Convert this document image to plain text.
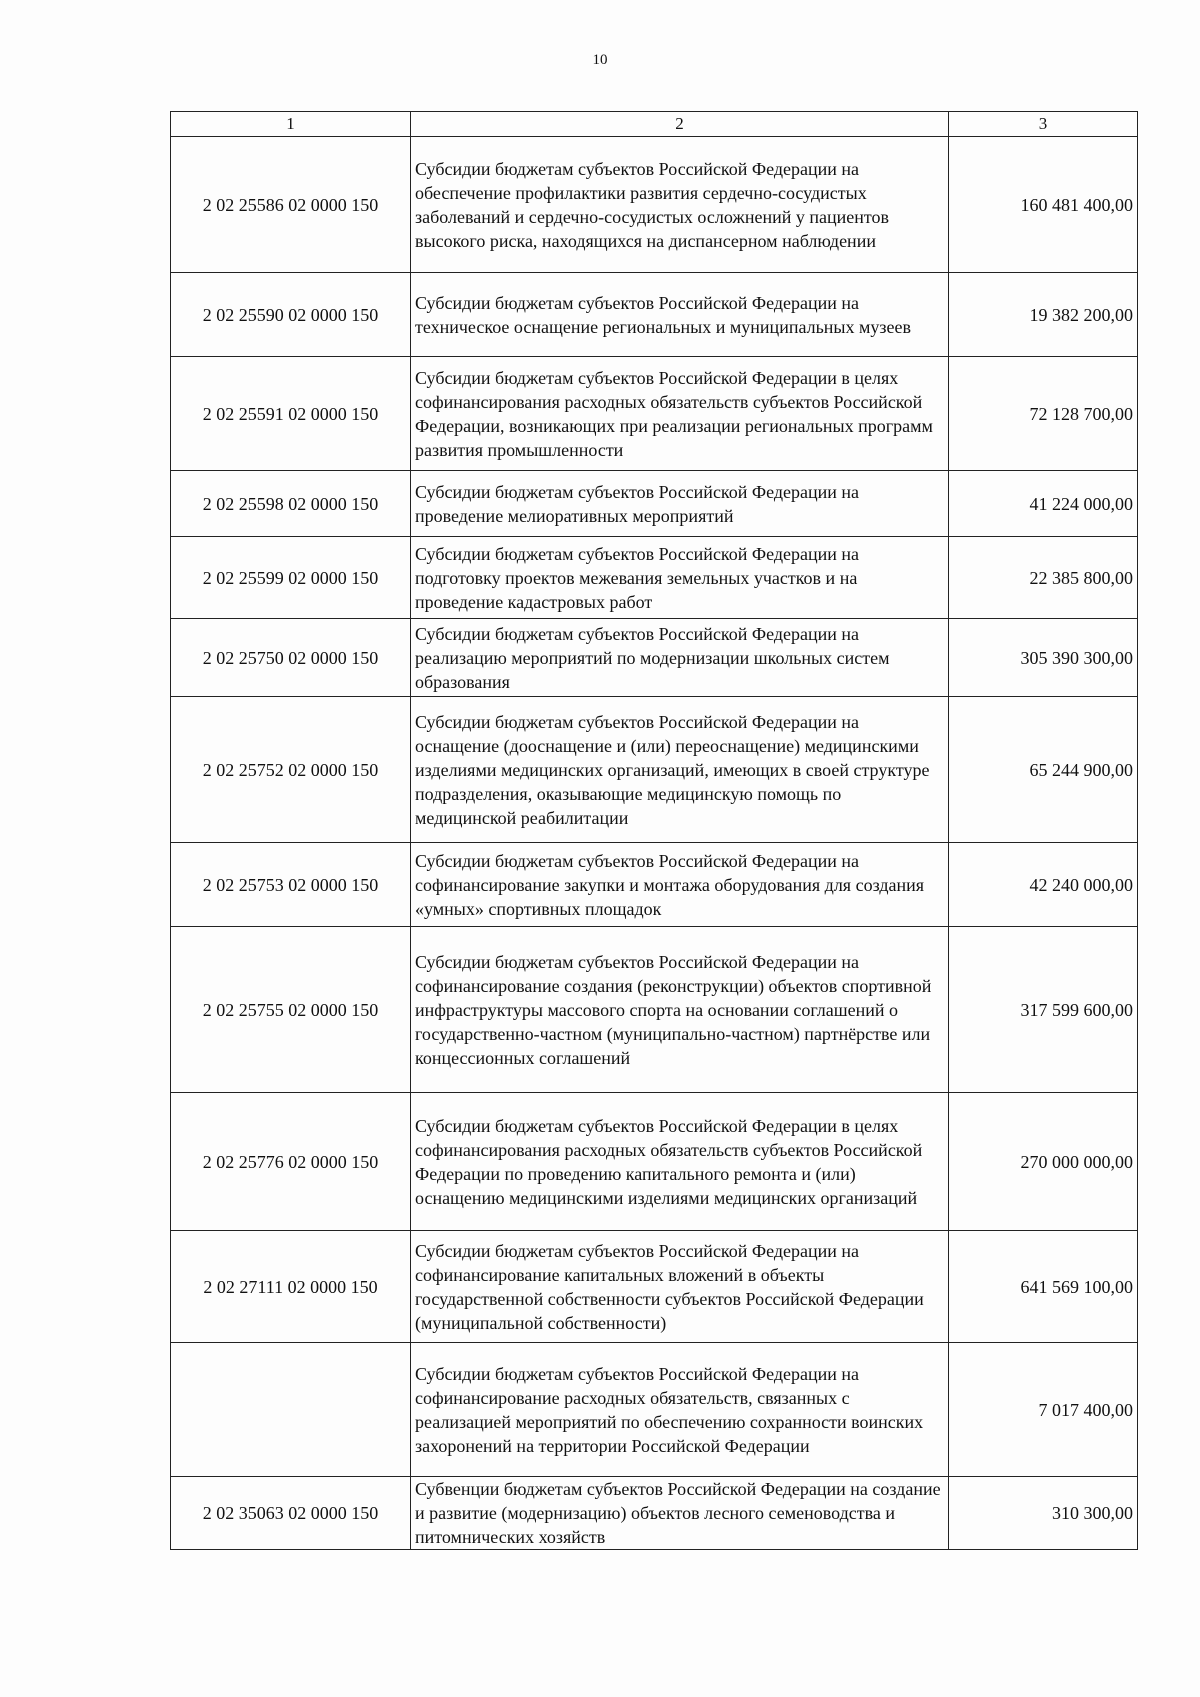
10
1	2	3
2 02 25586 02 0000 150	Субсидии бюджетам субъектов Российской Федерации на обеспечение профилактики развития сердечно-сосудистых заболеваний и сердечно-сосудистых осложнений у пациентов высокого риска, находящихся на диспансерном наблюдении	160 481 400,00
2 02 25590 02 0000 150	Субсидии бюджетам субъектов Российской Федерации на техническое оснащение региональных и муниципальных музеев	19 382 200,00
2 02 25591 02 0000 150	Субсидии бюджетам субъектов Российской Федерации в целях софинансирования расходных обязательств субъектов Российской Федерации, возникающих при реализации региональных программ развития промышленности	72 128 700,00
2 02 25598 02 0000 150	Субсидии бюджетам субъектов Российской Федерации на проведение мелиоративных мероприятий	41 224 000,00
2 02 25599 02 0000 150	Субсидии бюджетам субъектов Российской Федерации на подготовку проектов межевания земельных участков и на проведение кадастровых работ	22 385 800,00
2 02 25750 02 0000 150	Субсидии бюджетам субъектов Российской Федерации на реализацию мероприятий по модернизации школьных систем образования	305 390 300,00
2 02 25752 02 0000 150	Субсидии бюджетам субъектов Российской Федерации на оснащение (дооснащение и (или) переоснащение) медицинскими изделиями медицинских организаций, имеющих в своей структуре подразделения, оказывающие медицинскую помощь по медицинской реабилитации	65 244 900,00
2 02 25753 02 0000 150	Субсидии бюджетам субъектов Российской Федерации на софинансирование закупки и монтажа оборудования для создания «умных» спортивных площадок	42 240 000,00
2 02 25755 02 0000 150	Субсидии бюджетам субъектов Российской Федерации на софинансирование создания (реконструкции) объектов спортивной инфраструктуры массового спорта на основании соглашений о государственно-частном (муниципально-частном) партнёрстве или концессионных соглашений	317 599 600,00
2 02 25776 02 0000 150	Субсидии бюджетам субъектов Российской Федерации в целях софинансирования расходных обязательств субъектов Российской Федерации по проведению капитального ремонта и (или) оснащению медицинскими изделиями медицинских организаций	270 000 000,00
2 02 27111 02 0000 150	Субсидии бюджетам субъектов Российской Федерации на софинансирование капитальных вложений в объекты государственной собственности субъектов Российской Федерации (муниципальной собственности)	641 569 100,00
	Субсидии бюджетам субъектов Российской Федерации на софинансирование расходных обязательств, связанных с реализацией мероприятий по обеспечению сохранности воинских захоронений на территории Российской Федерации	7 017 400,00
2 02 35063 02 0000 150	Субвенции бюджетам субъектов Российской Федерации на создание и развитие (модернизацию) объектов лесного семеноводства и питомнических хозяйств	310 300,00
